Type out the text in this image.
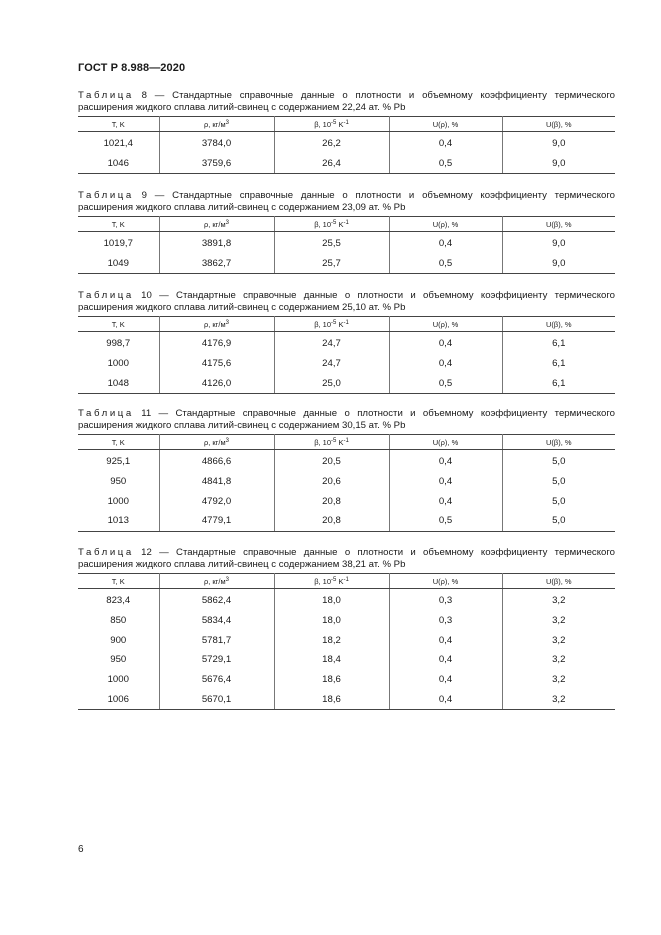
ГОСТ Р 8.988—2020

Таблица 8 — Стандартные справочные данные о плотности и объемному коэффициенту термического расширения жидкого сплава литий-свинец с содержанием 22,24 ат. % Pb

T, K	ρ, $кг/м^3$	β, $10^{-5}$ $K^{-1}$	U(ρ), %	U(β), %
1021,4	3784,0	26,2	0,4	9,0
1046	3759,6	26,4	0,5	9,0

Таблица 9 — Стандартные справочные данные о плотности и объемному коэффициенту термического расширения жидкого сплава литий-свинец с содержанием 23,09 ат. % Pb

T, K	ρ, $кг/м^3$	β, $10^{-5}$ $K^{-1}$	U(ρ), %	U(β), %
1019,7	3891,8	25,5	0,4	9,0
1049	3862,7	25,7	0,5	9,0

Таблица 10 — Стандартные справочные данные о плотности и объемному коэффициенту термического расширения жидкого сплава литий-свинец с содержанием 25,10 ат. % Pb

T, K	ρ, $кг/м^3$	β, $10^{-5}$ $K^{-1}$	U(ρ), %	U(β), %
998,7	4176,9	24,7	0,4	6,1
1000	4175,6	24,7	0,4	6,1
1048	4126,0	25,0	0,5	6,1

Таблица 11 — Стандартные справочные данные о плотности и объемному коэффициенту термического расширения жидкого сплава литий-свинец с содержанием 30,15 ат. % Pb

T, K	ρ, $кг/м^3$	β, $10^{-5}$ $K^{-1}$	U(ρ), %	U(β), %
925,1	4866,6	20,5	0,4	5,0
950	4841,8	20,6	0,4	5,0
1000	4792,0	20,8	0,4	5,0
1013	4779,1	20,8	0,5	5,0

Таблица 12 — Стандартные справочные данные о плотности и объемному коэффициенту термического расширения жидкого сплава литий-свинец с содержанием 38,21 ат. % Pb

T, K	ρ, $кг/м^3$	β, $10^{-5}$ $K^{-1}$	U(ρ), %	U(β), %
823,4	5862,4	18,0	0,3	3,2
850	5834,4	18,0	0,3	3,2
900	5781,7	18,2	0,4	3,2
950	5729,1	18,4	0,4	3,2
1000	5676,4	18,6	0,4	3,2
1006	5670,1	18,6	0,4	3,2
6
